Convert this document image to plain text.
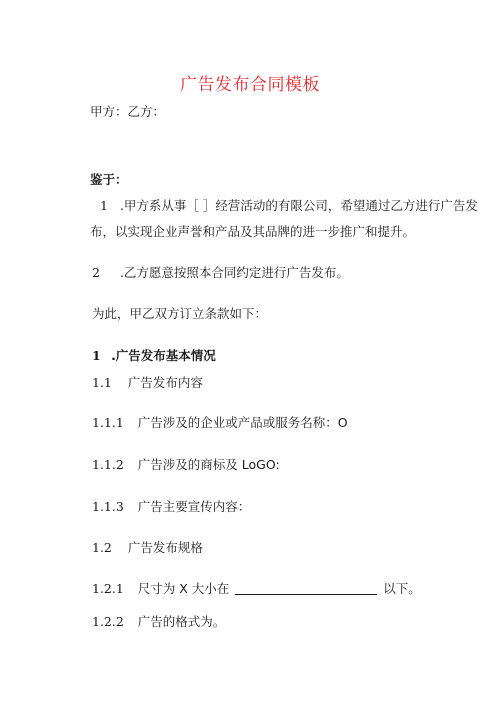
广告发布合同模板
甲方：乙方：
鉴于：
1 .甲方系从事［ ］经营活动的有限公司，希望通过乙方进行广告发
布，以实现企业声誉和产品及其品牌的进一步推广和提升。
2 .乙方愿意按照本合同约定进行广告发布。
为此，甲乙双方订立条款如下：
1 .广告发布基本情况
1.1 广告发布内容
1.1.1 广告涉及的企业或产品或服务名称：O
1.1.2 广告涉及的商标及 LoGO:
1.1.3 广告主要宣传内容：
1.2 广告发布规格
1.2.1 尺寸为 X 大小在	以下。
1.2.2 广告的格式为。
